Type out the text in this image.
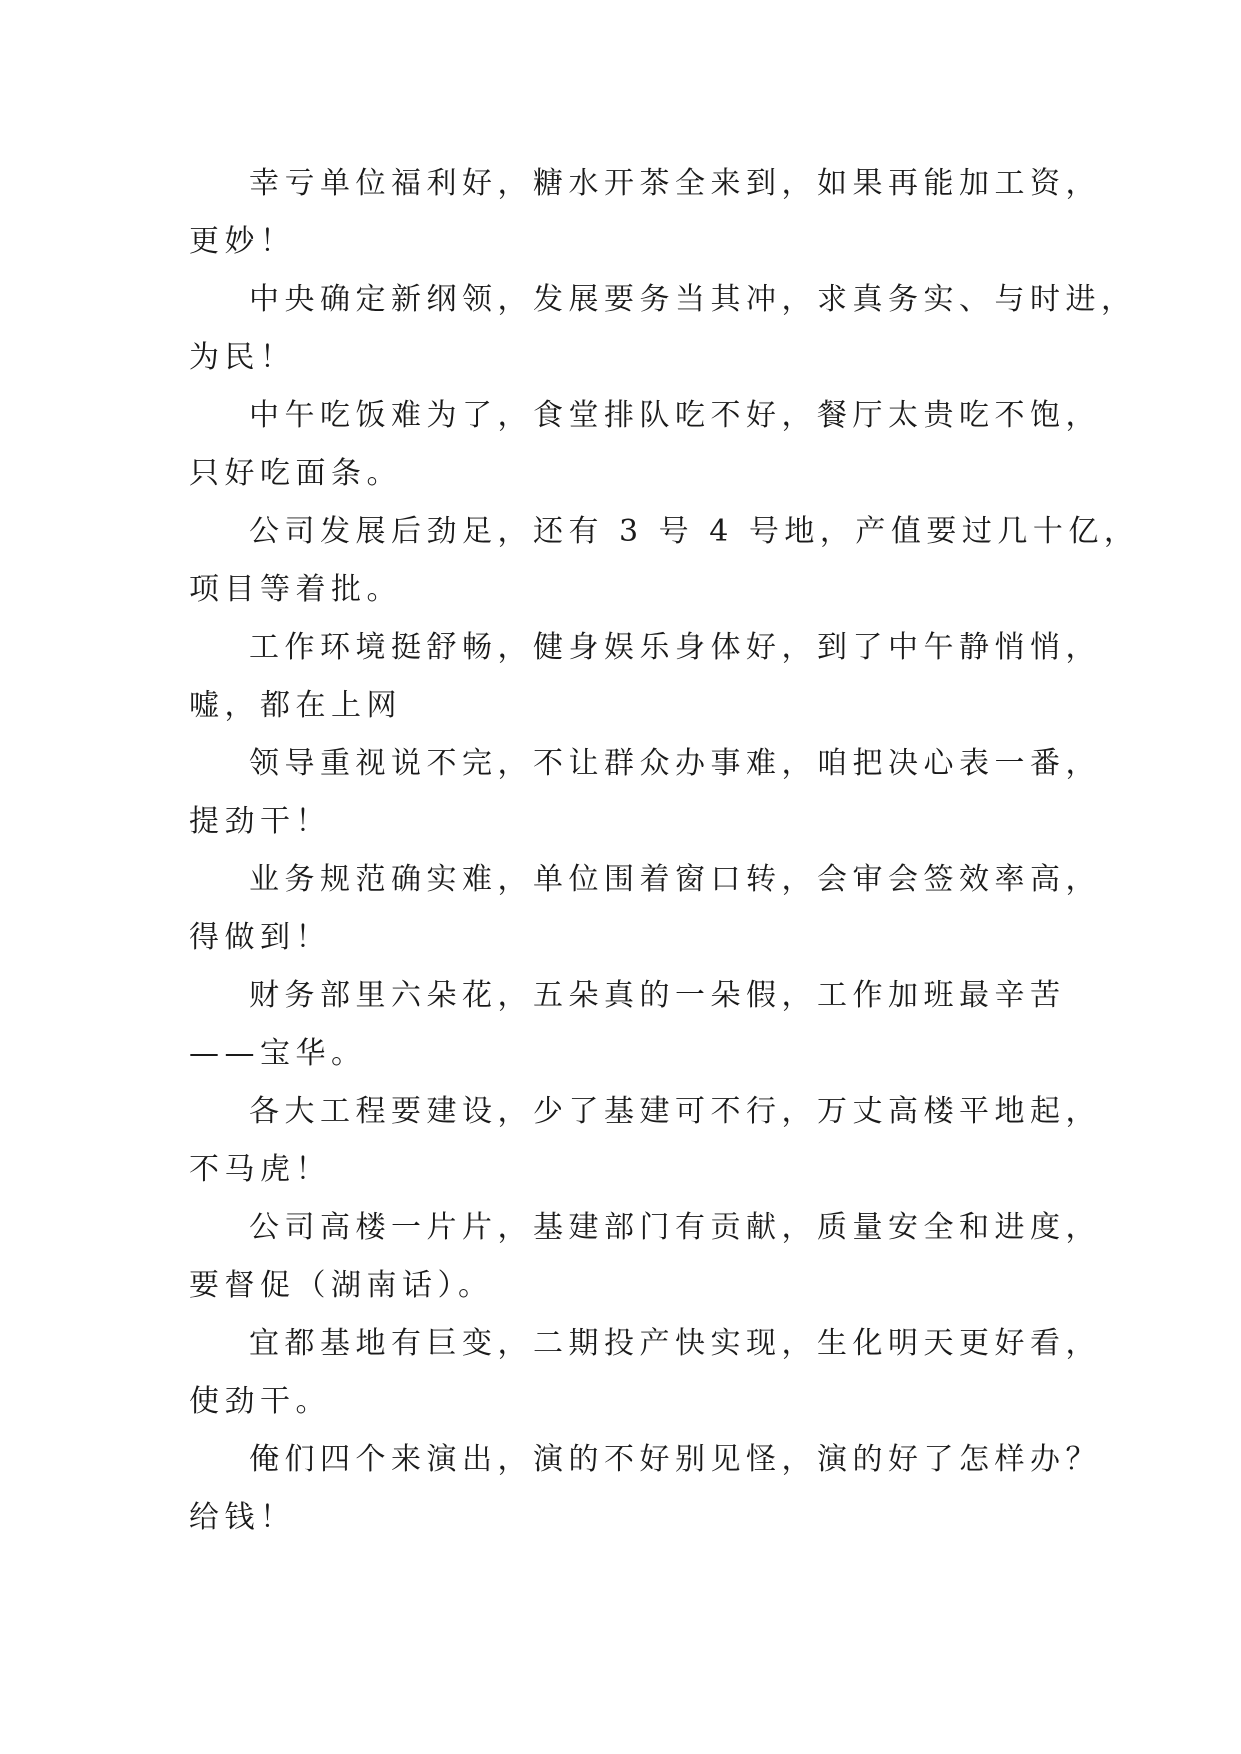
幸亏单位福利好，糖水开茶全来到，如果再能加工资，
更妙！

中央确定新纲领，发展要务当其冲，求真务实、与时进，
为民！

中午吃饭难为了，食堂排队吃不好，餐厅太贵吃不饱，
只好吃面条。

公司发展后劲足，还有 3 号 4 号地，产值要过几十亿，
项目等着批。

工作环境挺舒畅，健身娱乐身体好，到了中午静悄悄，
嘘，都在上网

领导重视说不完，不让群众办事难，咱把决心表一番，
提劲干！

业务规范确实难，单位围着窗口转，会审会签效率高，
得做到！

财务部里六朵花，五朵真的一朵假，工作加班最辛苦
——宝华。

各大工程要建设，少了基建可不行，万丈高楼平地起，
不马虎！

公司高楼一片片，基建部门有贡献，质量安全和进度，
要督促（湖南话）。

宜都基地有巨变，二期投产快实现，生化明天更好看，
使劲干。

俺们四个来演出，演的不好别见怪，演的好了怎样办？
给钱！
